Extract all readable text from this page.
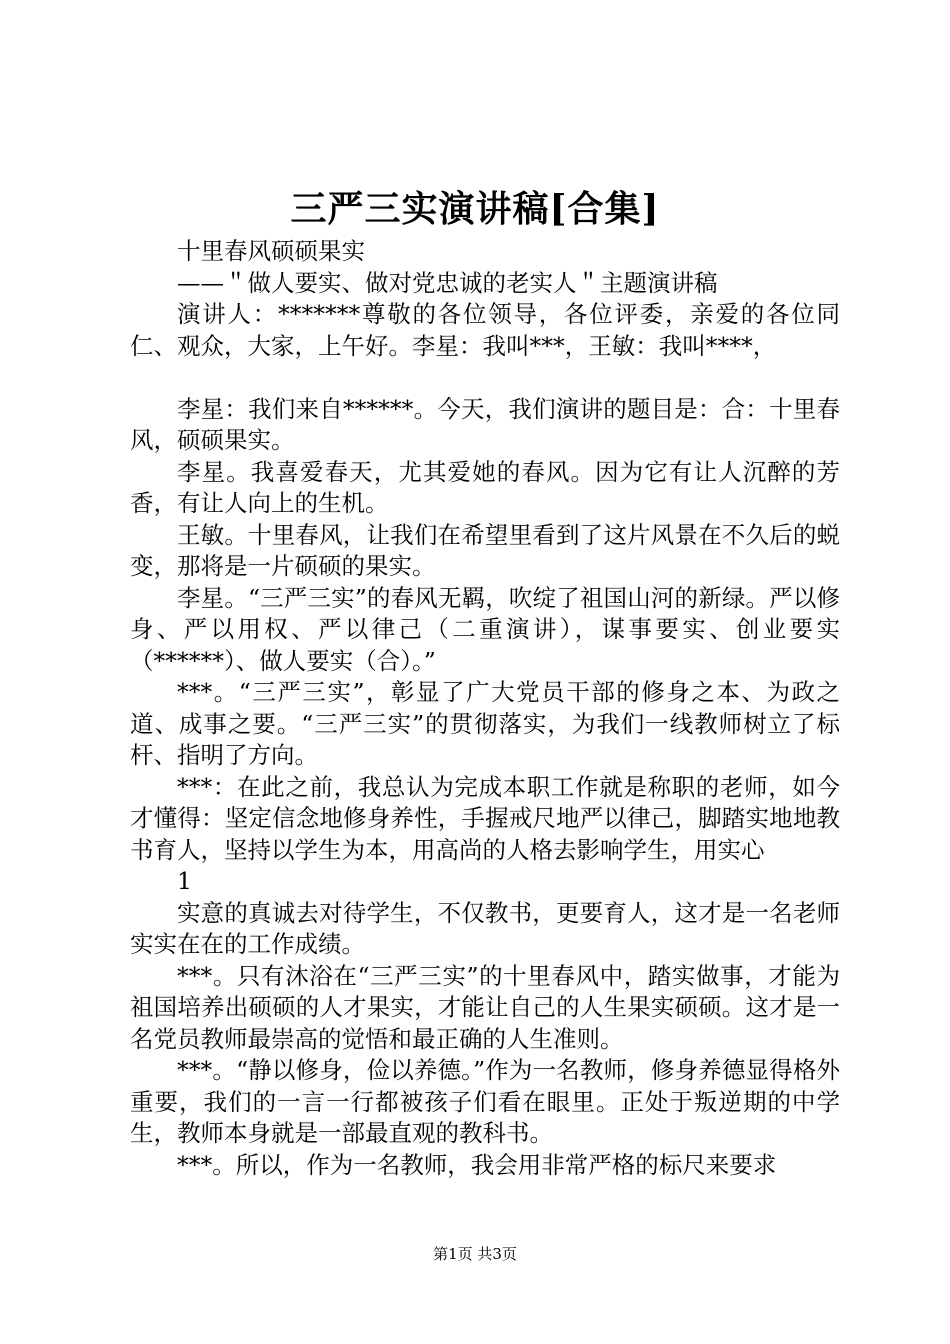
三严三实演讲稿[合集]

十里春风硕硕果实

——＂做人要实、做对党忠诚的老实人＂主题演讲稿

演讲人：*******尊敬的各位领导，各位评委，亲爱的各位同仁、观众，大家，上午好。李星：我叫***，王敏：我叫****，

李星：我们来自******。今天，我们演讲的题目是：合：十里春风，硕硕果实。

李星。我喜爱春天，尤其爱她的春风。因为它有让人沉醉的芳香，有让人向上的生机。

王敏。十里春风，让我们在希望里看到了这片风景在不久后的蜕变，那将是一片硕硕的果实。

李星。“三严三实”的春风无羁，吹绽了祖国山河的新绿。严以修身、严以用权、严以律己（二重演讲），谋事要实、创业要实（******）、做人要实（合）。”

***。“三严三实”，彰显了广大党员干部的修身之本、为政之道、成事之要。“三严三实”的贯彻落实，为我们一线教师树立了标杆、指明了方向。

***：在此之前，我总认为完成本职工作就是称职的老师，如今才懂得：坚定信念地修身养性，手握戒尺地严以律己，脚踏实地地教书育人，坚持以学生为本，用高尚的人格去影响学生，用实心

1

实意的真诚去对待学生，不仅教书，更要育人，这才是一名老师实实在在的工作成绩。

***。只有沐浴在“三严三实”的十里春风中，踏实做事，才能为祖国培养出硕硕的人才果实，才能让自己的人生果实硕硕。这才是一名党员教师最崇高的觉悟和最正确的人生准则。

***。“静以修身，俭以养德。”作为一名教师，修身养德显得格外重要，我们的一言一行都被孩子们看在眼里。正处于叛逆期的中学生，教师本身就是一部最直观的教科书。

***。所以，作为一名教师，我会用非常严格的标尺来要求

第1页 共3页
